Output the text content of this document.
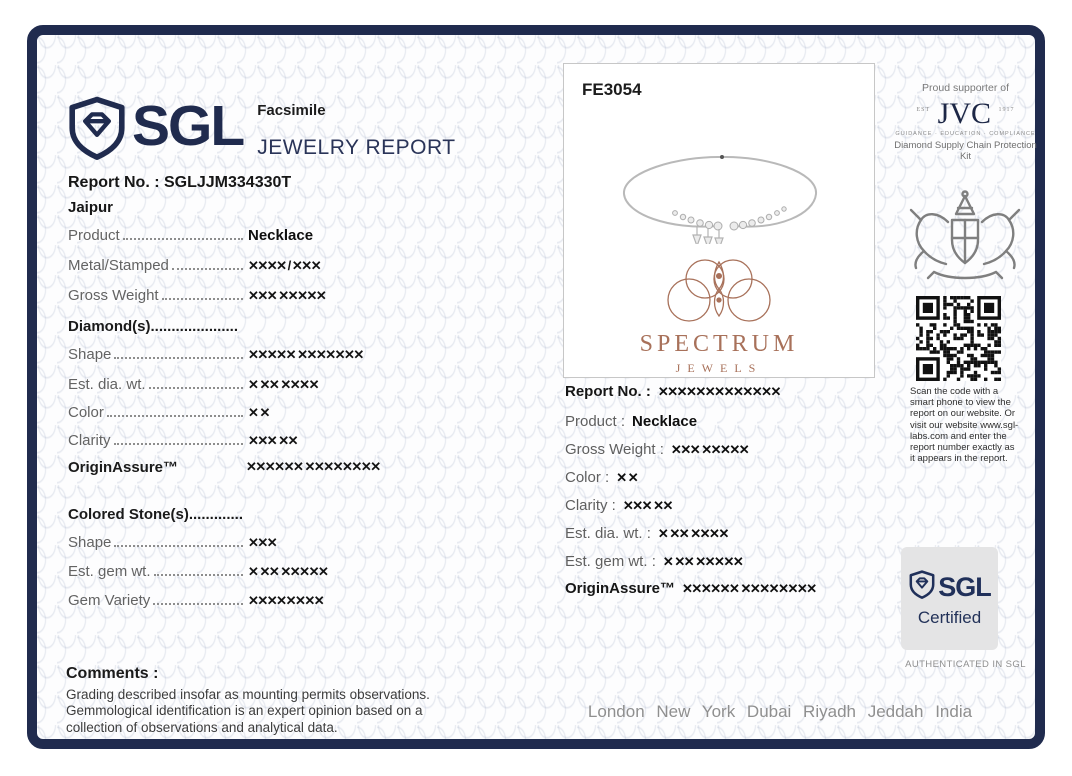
SGL Facsimile
JEWELRY REPORT
Report No. : SGLJJM334330T
Jaipur
Product	Necklace
Metal/Stamped	✕✕✕✕ / ✕✕✕
Gross Weight	✕✕✕ ✕✕✕✕✕
Diamond(s).....................
Shape	✕✕✕✕✕ ✕✕✕✕✕✕✕
Est. dia. wt.	✕ ✕✕ ✕✕✕✕
Color	✕ ✕
Clarity	✕✕✕ ✕✕
OriginAssure™	✕✕✕✕✕✕ ✕✕✕✕✕✕✕✕
Colored Stone(s).............
Shape	✕✕✕
Est. gem wt.	✕ ✕✕ ✕✕✕✕✕
Gem Variety	✕✕✕✕✕✕✕✕
Comments :
Grading described insofar as mounting permits observations. Gemmological identification is an expert opinion based on a collection of observations and analytical data.
FE3054
SPECTRUM
JEWELS
Report No. : ✕✕✕✕✕✕✕✕✕✕✕✕✕
Product : Necklace
Gross Weight : ✕✕✕ ✕✕✕✕✕
Color : ✕ ✕
Clarity : ✕✕✕ ✕✕
Est. dia. wt. : ✕ ✕✕ ✕✕✕✕
Est. gem wt. : ✕ ✕✕ ✕✕✕✕✕
OriginAssure™ ✕✕✕✕✕✕ ✕✕✕✕✕✕✕✕
Proud supporter of
$^{EST}$ JVC $^{1917}$
GUIDANCE · EDUCATION · COMPLIANCE
Diamond Supply Chain Protection Kit
Scan the code with a smart phone to view the report on our website. Or visit our website www.sgl-labs.com and enter the report number exactly as it appears in the report.
SGL
Certified
AUTHENTICATED IN SGL
London New York Dubai Riyadh Jeddah India
